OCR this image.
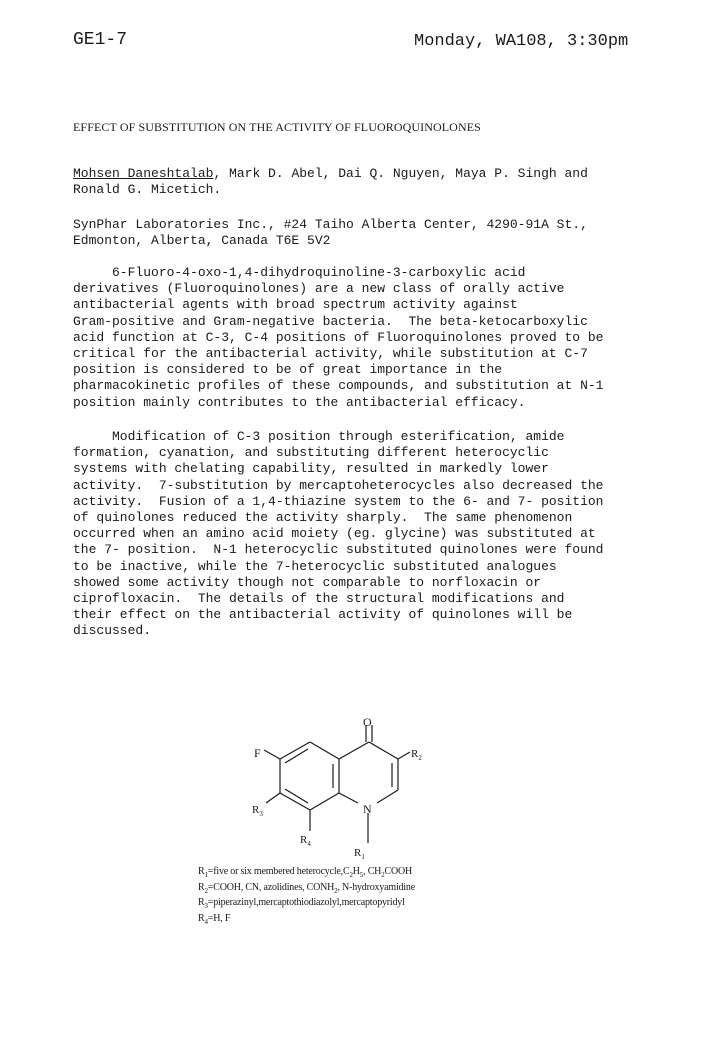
GE1-7	Monday, WA108, 3:30pm
EFFECT OF SUBSTITUTION ON THE ACTIVITY OF FLUOROQUINOLONES
Mohsen Daneshtalab, Mark D. Abel, Dai Q. Nguyen, Maya P. Singh and
Ronald G. Micetich.
SynPhar Laboratories Inc., #24 Taiho Alberta Center, 4290-91A St.,
Edmonton, Alberta, Canada T6E 5V2
6-Fluoro-4-oxo-1,4-dihydroquinoline-3-carboxylic acid
derivatives (Fluoroquinolones) are a new class of orally active
antibacterial agents with broad spectrum activity against
Gram-positive and Gram-negative bacteria.  The beta-ketocarboxylic
acid function at C-3, C-4 positions of Fluoroquinolones proved to be
critical for the antibacterial activity, while substitution at C-7
position is considered to be of great importance in the
pharmacokinetic profiles of these compounds, and substitution at N-1
position mainly contributes to the antibacterial efficacy.
Modification of C-3 position through esterification, amide
formation, cyanation, and substituting different heterocyclic
systems with chelating capability, resulted in markedly lower
activity.  7-substitution by mercaptoheterocycles also decreased the
activity.  Fusion of a 1,4-thiazine system to the 6- and 7- position
of quinolones reduced the activity sharply.  The same phenomenon
occurred when an amino acid moiety (eg. glycine) was substituted at
the 7- position.  N-1 heterocyclic substituted quinolones were found
to be inactive, while the 7-heterocyclic substituted analogues
showed some activity though not comparable to norfloxacin or
ciprofloxacin.  The details of the structural modifications and
their effect on the antibacterial activity of quinolones will be
discussed.
O
F
N
$R_2$
$R_3$
$R_4$
$R_1$
$R_1=five$ or six membered $heterocycle,C_2H_5$, $CH_2COOH$
$R_2=COOH$, CN, azolidines, $CONH_2$, N-hydroxyamidine
$R_3=piperazinyl,mercaptothiodiazolyl,mercaptopyridyl$
$R_4=H$, F
